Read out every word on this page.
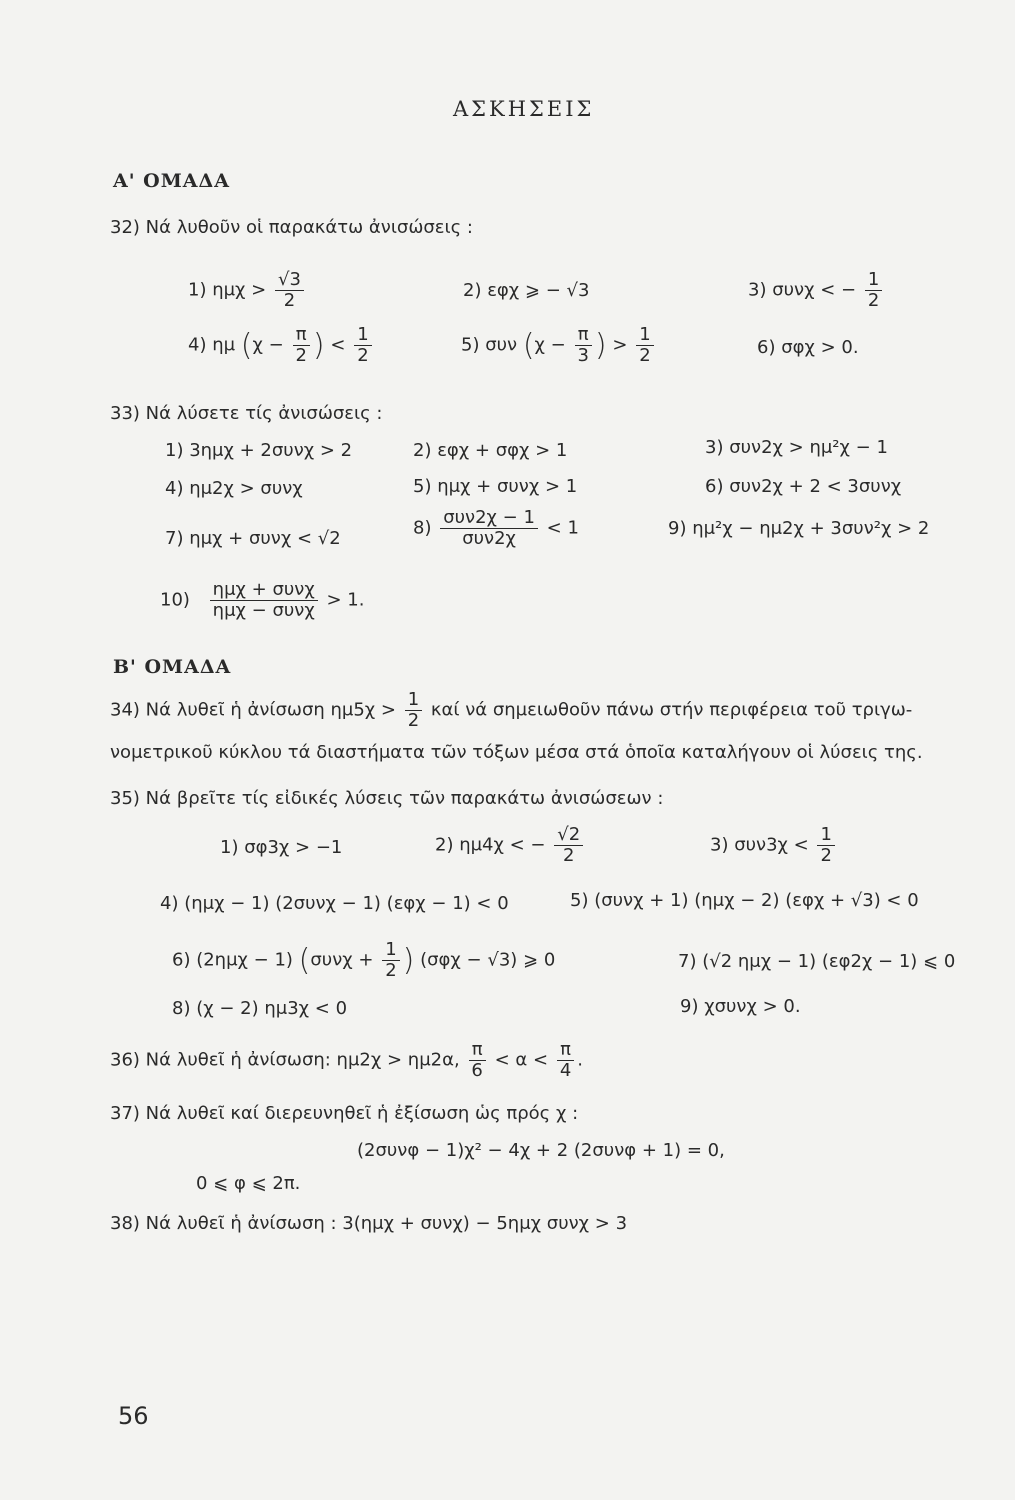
ΑΣΚΗΣΕΙΣ
Α' ΟΜΑΔΑ
32) Νά λυθοῦν οἱ παρακάτω ἀνισώσεις :
1) $\eta\mu\chi > \frac{√3}{2}$	2) εφχ ⩾ − √3	3) συνχ < − $\frac{1}{2}$
4) ημ ($\chi - \frac{\pi}{2}$ ) < $\frac{1}{2}$	5) συν ($\chi - \frac{\pi}{3}$ ) > $\frac{1}{2}$	6) σφχ > 0.
33) Νά λύσετε τίς ἀνισώσεις :
1) 3ημχ + 2συνχ > 2	2) εφχ + σφχ > 1	3) συν2χ > ημ²χ − 1
4) ημ2χ > συνχ	5) ημχ + συνχ > 1	6) συν2χ + 2 < 3συνχ
7) ημχ + συνχ < √2
$8) \frac{\text{συν2χ − 1}}{\text{συν2χ}} < 1$	9) ημ²χ − ημ2χ + 3συν²χ > 2
$10) \frac{\text{ημχ + συνχ}}{\text{ημχ − συνχ}} > 1$.
Β' ΟΜΑΔΑ
34) Νά λυθεῖ ἡ ἀνίσωση $\eta\mu 5\chi > \frac{1}{2}$ καί νά σημειωθοῦν πάνω στήν περιφέρεια τοῦ τριγω-
νομετρικοῦ κύκλου τά διαστήματα τῶν τόξων μέσα στά ὁποῖα καταλήγουν οἱ λύσεις της.
35) Νά βρεῖτε τίς εἰδικές λύσεις τῶν παρακάτω ἀνισώσεων :
1) σφ3χ > −1	2) ημ4χ < − $\frac{√2}{2}$	3) $\sigma\upsilon\nu 3\chi < \frac{1}{2}$
4) (ημχ − 1) (2συνχ − 1) (εφχ − 1) < 0	5) (συνχ + 1) (ημχ − 2) (εφχ + √3) < 0
6) (2ημχ − 1) ($\sigma\upsilon\nu\chi + \frac{1}{2}$ ) (σφχ − √3) ⩾ 0	7) (√2 ημχ − 1) (εφ2χ − 1) ⩽ 0
8) (χ − 2) ημ3χ < 0	9) χσυνχ > 0.
36) Νά λυθεῖ ἡ ἀνίσωση: ημ2χ > ημ2α, $\frac{\pi}{6} < \alpha < \frac{\pi}{4}$ .
37) Νά λυθεῖ καί διερευνηθεῖ ἡ ἐξίσωση ὡς πρός χ :
(2συνφ − 1)χ² − 4χ + 2 (2συνφ + 1) = 0,
0 ⩽ φ ⩽ 2π.
38) Νά λυθεῖ ἡ ἀνίσωση : 3(ημχ + συνχ) − 5ημχ συνχ > 3
56
